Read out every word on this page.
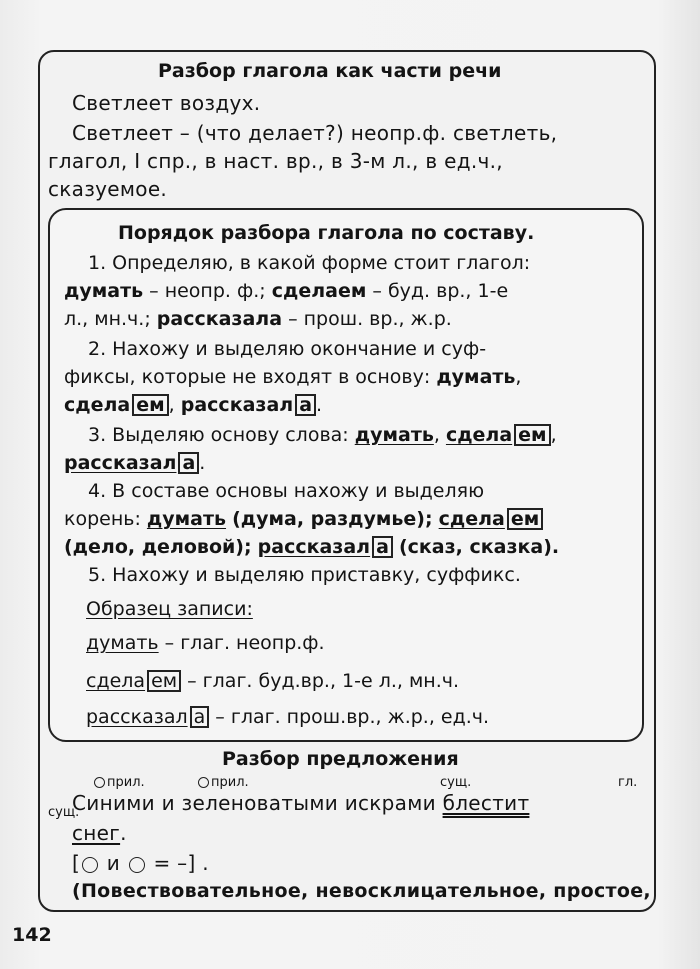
Разбор глагола как части речи
Светлеет воздух.
Светлеет – (что делает?) неопр.ф. светлеть,
глагол, I спр., в наст. вр., в 3-м л., в ед.ч.,
сказуемое.
Порядок разбора глагола по составу.
1. Определяю, в какой форме стоит глагол:
думать – неопр. ф.; сделаем – буд. вр., 1-е
л., мн.ч.; рассказала – прош. вр., ж.р.
2. Нахожу и выделяю окончание и суф-
фиксы, которые не входят в основу: думать,
сдела ем , рассказал а .
3. Выделяю основу слова: думать, сдела ем ,
рассказал а .
4. В составе основы нахожу и выделяю
корень: думать (дума, раздумье); сдела ем
(дело, деловой); рассказал а (сказ, сказка).
5. Нахожу и выделяю приставку, суффикс.
Образец записи:
думать – глаг. неопр.ф.
сдела ем – глаг. буд.вр., 1-е л., мн.ч.
рассказал а – глаг. прош.вр., ж.р., ед.ч.
Разбор предложения
прил.	прил.	сущ.	гл.
сущ.
Синими и зеленоватыми искрами блестит
снег.
[ и = –] .
(Повествовательное, невосклицательное, простое,
142
